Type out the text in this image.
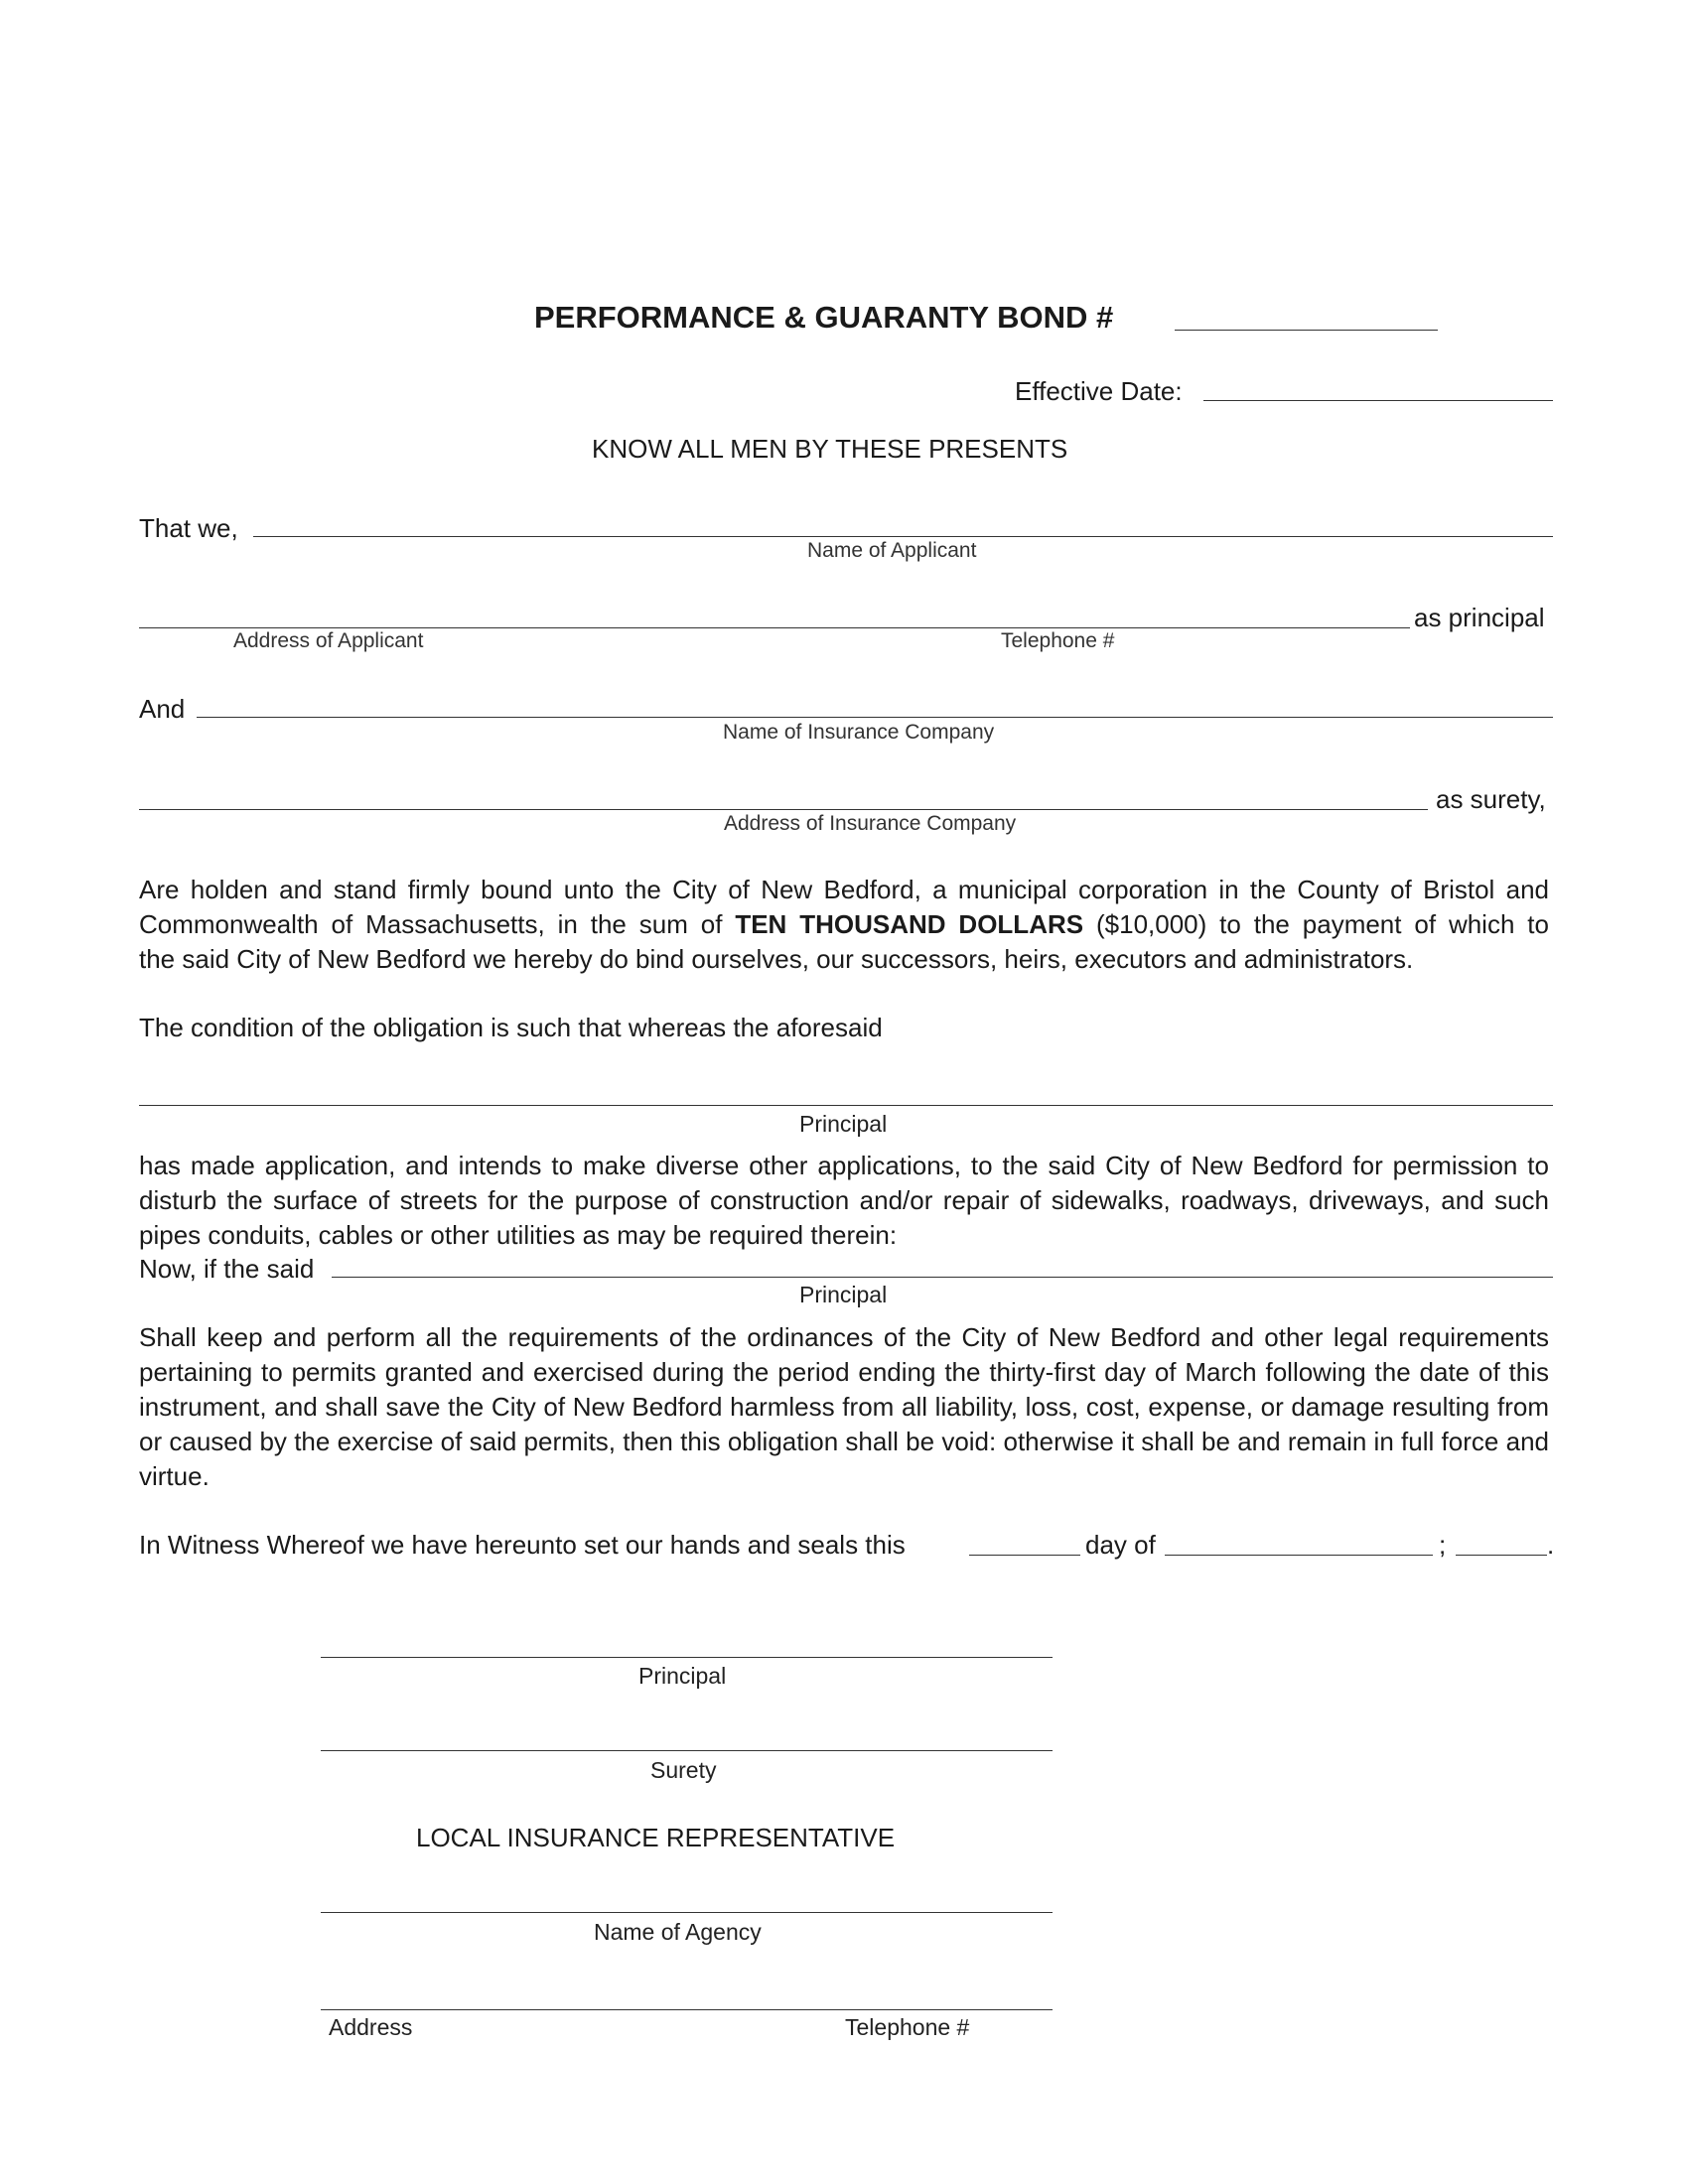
PERFORMANCE & GUARANTY BOND #
Effective Date:
KNOW ALL MEN BY THESE PRESENTS
That we,
Name of Applicant
as principal
Address of Applicant	Telephone #
And
Name of Insurance Company
as surety,
Address of Insurance Company
Are holden and stand firmly bound unto the City of New Bedford, a municipal corporation in the County of Bristol and
Commonwealth of Massachusetts, in the sum of TEN THOUSAND DOLLARS ($10,000) to the payment of which to
the said City of New Bedford we hereby do bind ourselves, our successors, heirs, executors and administrators.
The condition of the obligation is such that whereas the aforesaid
Principal
has made application, and intends to make diverse other applications, to the said City of New Bedford for permission to disturb the surface of streets for the purpose of construction and/or repair of sidewalks, roadways, driveways, and such pipes conduits, cables or other utilities as may be required therein:
Now, if the said
Principal
Shall keep and perform all the requirements of the ordinances of the City of New Bedford and other legal requirements pertaining to permits granted and exercised during the period ending the thirty-first day of March following the date of this instrument, and shall save the City of New Bedford harmless from all liability, loss, cost, expense, or damage resulting from or caused by the exercise of said permits, then this obligation shall be void: otherwise it shall be and remain in full force and virtue.
In Witness Whereof we have hereunto set our hands and seals this	day of	;	.
Principal
Surety
LOCAL INSURANCE REPRESENTATIVE
Name of Agency
Address	Telephone #
